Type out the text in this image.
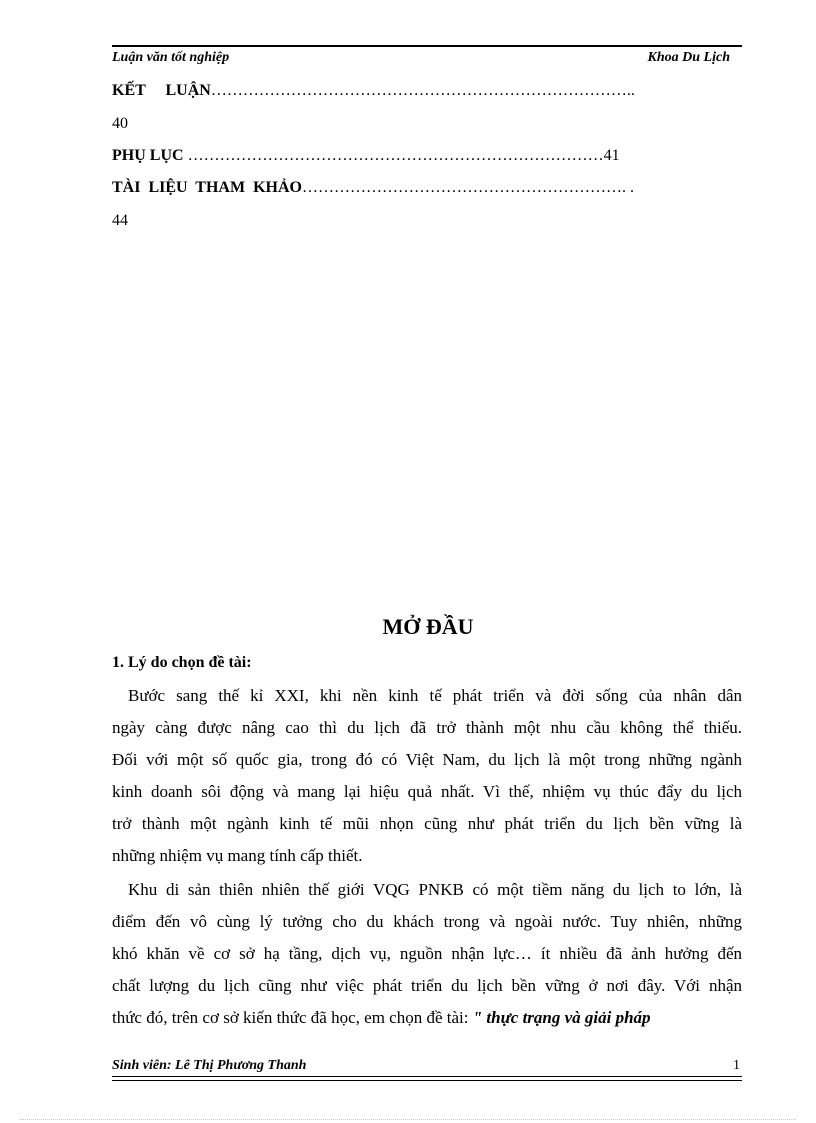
Luận văn tốt nghiệp	Khoa Du Lịch
KẾT     LUẬN……………………………………………………………………..
40
PHỤ LỤC ……………………………………………………………………41
TÀI  LIỆU  THAM  KHẢO……………………………………………………. .
44
MỞ ĐẦU
1. Lý do chọn đề tài:
Bước sang thế kỉ XXI, khi nền kinh tế phát triển và đời sống của nhân dân
ngày càng được nâng cao thì du lịch đã trở thành một nhu cầu không thể thiếu.
Đối với một số quốc gia, trong đó có Việt Nam, du lịch là một trong những ngành
kinh doanh sôi động và mang lại hiệu quả nhất. Vì thế, nhiệm vụ thúc đẩy du lịch
trở thành một ngành kinh tế mũi nhọn cũng như phát triển du lịch bền vững là
những nhiệm vụ mang tính cấp thiết.
Khu di sản thiên nhiên thế giới VQG PNKB có một tiềm năng du lịch to lớn, là
điểm đến vô cùng lý tưởng cho du khách trong và ngoài nước. Tuy nhiên, những
khó khăn về cơ sở hạ tầng, dịch vụ, nguồn nhận lực… ít nhiều đã ảnh hưởng đến
chất lượng du lịch cũng như việc phát triển du lịch bền vững ở nơi đây. Với nhận
thức đó, trên cơ sở kiến thức đã học, em chọn đề tài: " thực trạng và giải pháp
Sinh viên: Lê Thị Phương Thanh	1
